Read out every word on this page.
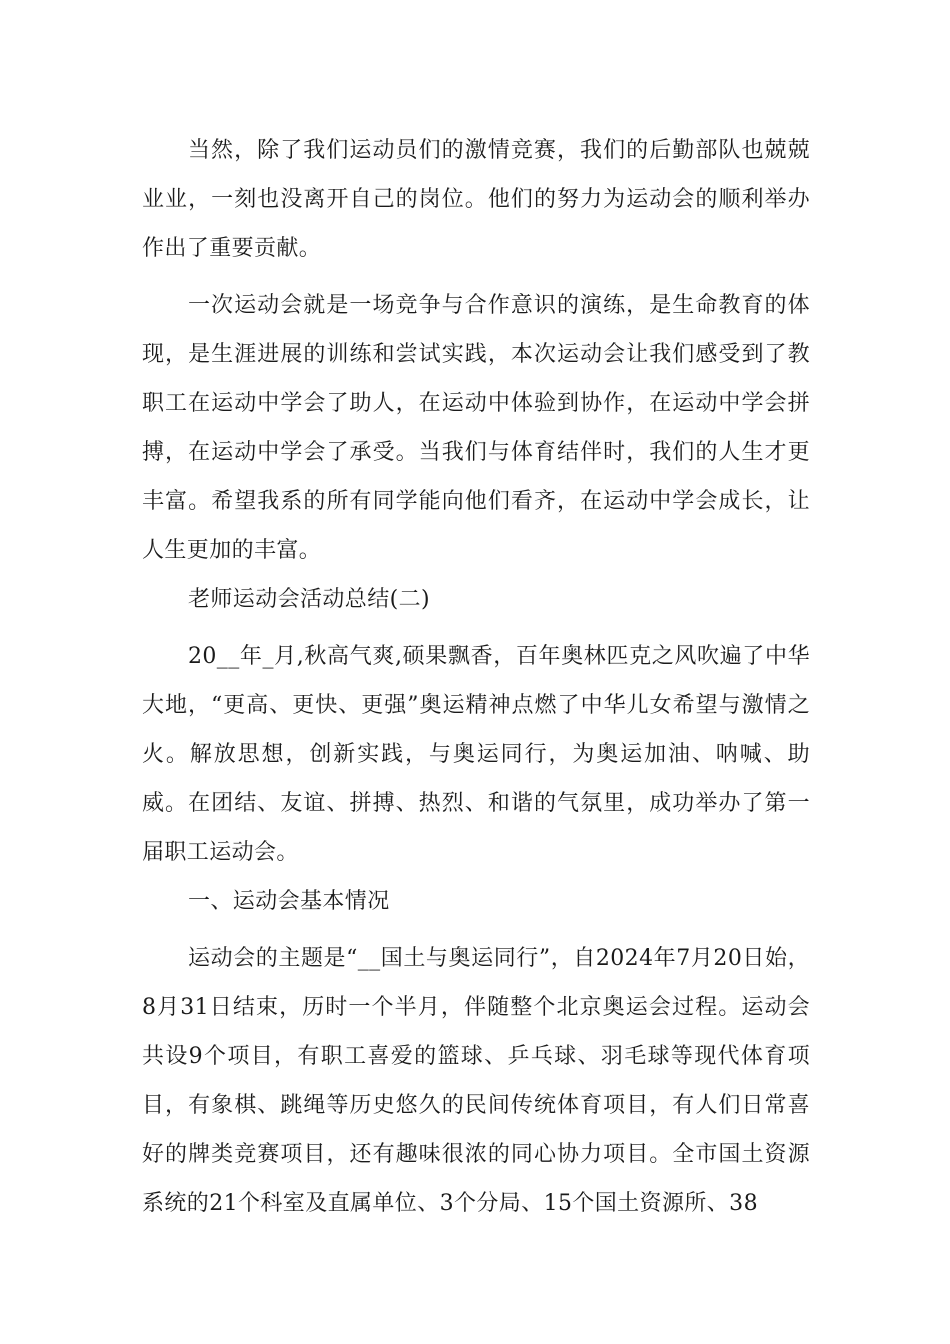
当然，除了我们运动员们的激情竞赛，我们的后勤部队也兢兢业业，一刻也没离开自己的岗位。他们的努力为运动会的顺利举办作出了重要贡献。

一次运动会就是一场竞争与合作意识的演练，是生命教育的体现，是生涯进展的训练和尝试实践，本次运动会让我们感受到了教职工在运动中学会了助人，在运动中体验到协作，在运动中学会拼搏，在运动中学会了承受。当我们与体育结伴时，我们的人生才更丰富。希望我系的所有同学能向他们看齐，在运动中学会成长，让人生更加的丰富。

老师运动会活动总结(二)

20__年_月,秋高气爽,硕果飘香，百年奥林匹克之风吹遍了中华大地，“更高、更快、更强”奥运精神点燃了中华儿女希望与激情之火。解放思想，创新实践，与奥运同行，为奥运加油、呐喊、助威。在团结、友谊、拼搏、热烈、和谐的气氛里，成功举办了第一届职工运动会。

一、运动会基本情况

运动会的主题是“__国土与奥运同行”，自2024年7月20日始，8月31日结束，历时一个半月，伴随整个北京奥运会过程。运动会共设9个项目，有职工喜爱的篮球、乒乓球、羽毛球等现代体育项目，有象棋、跳绳等历史悠久的民间传统体育项目，有人们日常喜好的牌类竞赛项目，还有趣味很浓的同心协力项目。全市国土资源系统的21个科室及直属单位、3个分局、15个国土资源所、38
